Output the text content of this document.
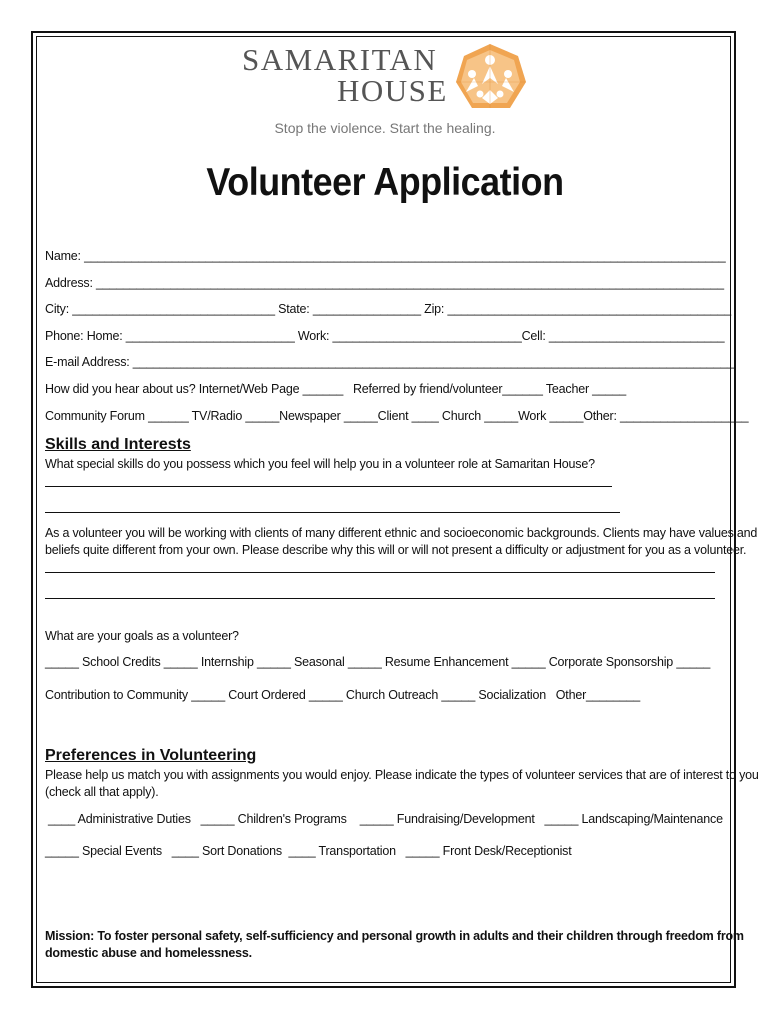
SAMARITAN
HOUSE
Stop the violence. Start the healing.
Volunteer Application
Name: _______________________________________________________________________________________________
Address: _____________________________________________________________________________________________
City: ______________________________ State: ________________ Zip: __________________________________________
Phone: Home: _________________________ Work: ____________________________Cell: __________________________
E-mail Address: _________________________________________________________________________________________
How did you hear about us? Internet/Web Page ______   Referred by friend/volunteer______ Teacher _____
Community Forum ______ TV/Radio _____Newspaper _____Client ____ Church _____Work _____Other: ___________________
Skills and Interests
What special skills do you possess which you feel will help you in a volunteer role at Samaritan House?
As a volunteer you will be working with clients of many different ethnic and socioeconomic backgrounds. Clients may have values and
beliefs quite different from your own. Please describe why this will or will not present a difficulty or adjustment for you as a volunteer.
What are your goals as a volunteer?
_____ School Credits _____ Internship _____ Seasonal _____ Resume Enhancement _____ Corporate Sponsorship _____
Contribution to Community _____ Court Ordered _____ Church Outreach _____ Socialization   Other________
Preferences in Volunteering
Please help us match you with assignments you would enjoy. Please indicate the types of volunteer services that are of interest to you
(check all that apply).
____ Administrative Duties   _____ Children's Programs    _____ Fundraising/Development   _____ Landscaping/Maintenance
_____ Special Events   ____ Sort Donations  ____ Transportation   _____ Front Desk/Receptionist
Mission: To foster personal safety, self-sufficiency and personal growth in adults and their children through freedom from
domestic abuse and homelessness.
